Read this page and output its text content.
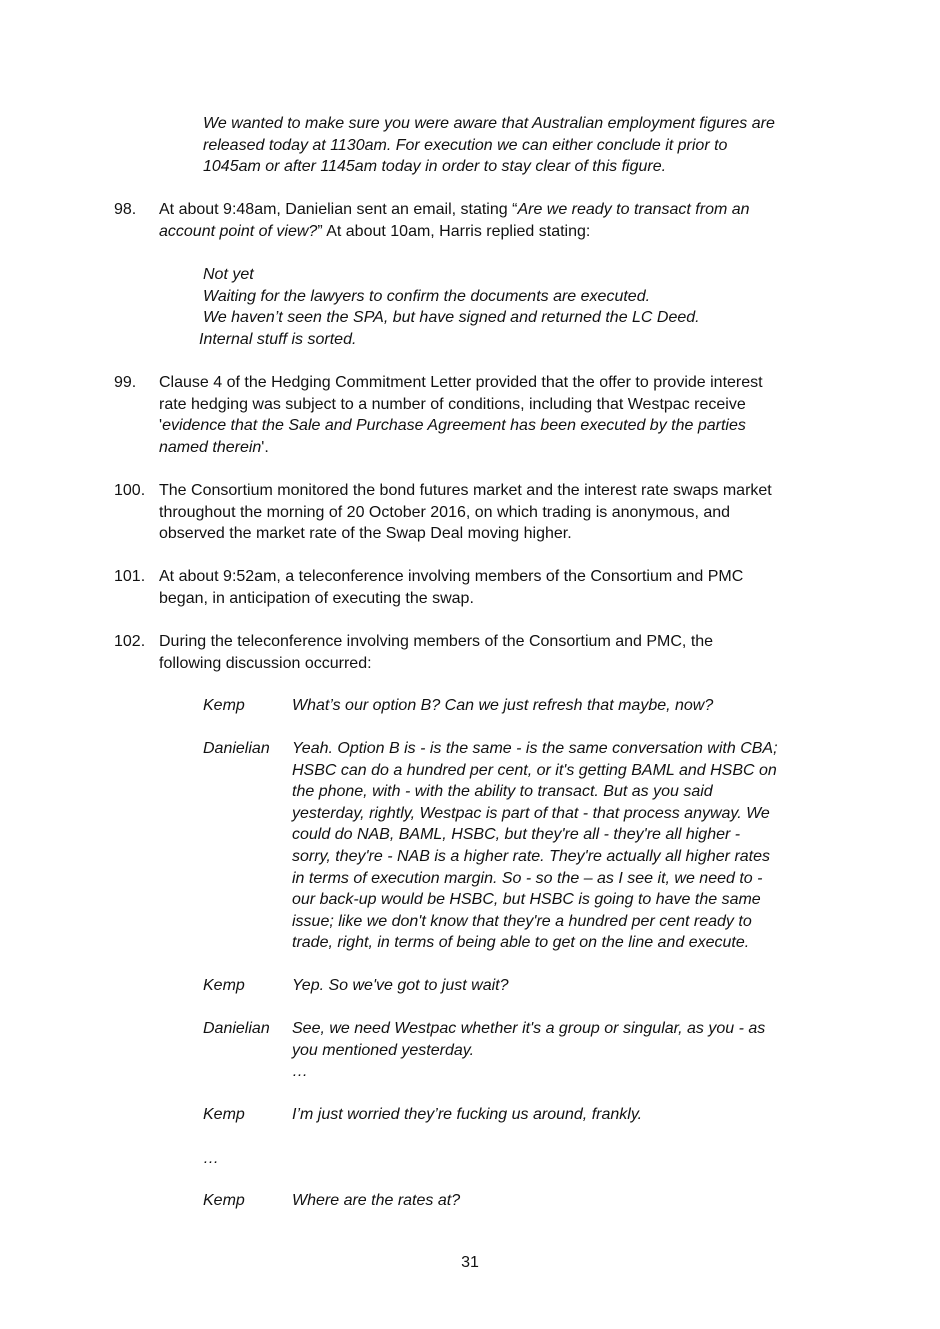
We wanted to make sure you were aware that Australian employment figures are
released today at 1130am. For execution we can either conclude it prior to
1045am or after 1145am today in order to stay clear of this figure.
98. At about 9:48am, Danielian sent an email, stating “Are we ready to transact from an
account point of view?” At about 10am, Harris replied stating:
Not yet
Waiting for the lawyers to confirm the documents are executed.
We haven’t seen the SPA, but have signed and returned the LC Deed.
Internal stuff is sorted.
99. Clause 4 of the Hedging Commitment Letter provided that the offer to provide interest
rate hedging was subject to a number of conditions, including that Westpac receive
'evidence that the Sale and Purchase Agreement has been executed by the parties
named therein'.
100. The Consortium monitored the bond futures market and the interest rate swaps market
throughout the morning of 20 October 2016, on which trading is anonymous, and
observed the market rate of the Swap Deal moving higher.
101. At about 9:52am, a teleconference involving members of the Consortium and PMC
began, in anticipation of executing the swap.
102. During the teleconference involving members of the Consortium and PMC, the
following discussion occurred:
Kemp	What’s our option B? Can we just refresh that maybe, now?
Danielian Yeah. Option B is - is the same - is the same conversation with CBA;
HSBC can do a hundred per cent, or it's getting BAML and HSBC on
the phone, with - with the ability to transact. But as you said
yesterday, rightly, Westpac is part of that - that process anyway. We
could do NAB, BAML, HSBC, but they're all - they're all higher -
sorry, they're - NAB is a higher rate. They're actually all higher rates
in terms of execution margin. So - so the – as I see it, we need to -
our back-up would be HSBC, but HSBC is going to have the same
issue; like we don't know that they're a hundred per cent ready to
trade, right, in terms of being able to get on the line and execute.
Kemp	Yep. So we've got to just wait?
Danielian See, we need Westpac whether it's a group or singular, as you - as
you mentioned yesterday.
…
Kemp	I’m just worried they’re fucking us around, frankly.
…
Kemp	Where are the rates at?
31
